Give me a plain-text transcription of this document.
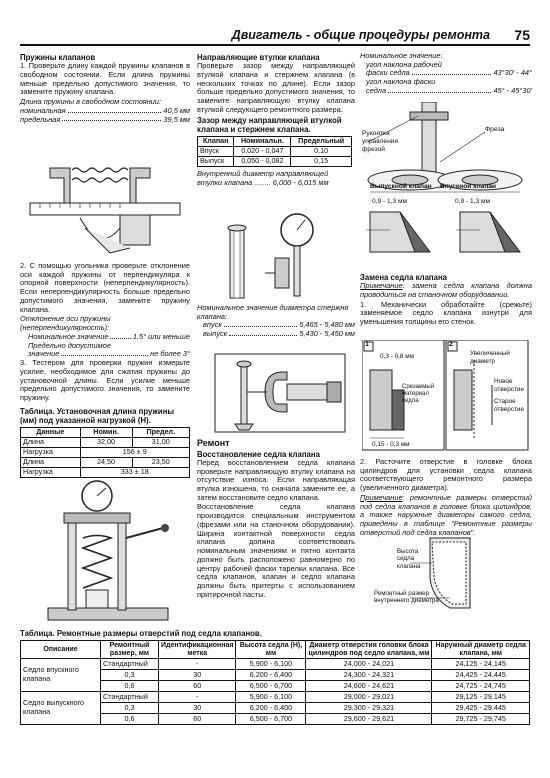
Двигатель - общие процедуры ремонта 75
Пружины клапанов

1. Проверьте длину каждой пружины клапанов в свободном состоянии. Если длина пружины меньше предельно допустимого значения, то замените пружину клапана.

Длина пружины в свободном состоянии:
номинальная	40,5 мм
предельная	39,5 мм

2. С помощью угольника проверьте отклонение оси каждой пружины от перпендикуляра к опорной поверхности (неперпендикулярность). Если неперпендикулярность больше предельно допустимого значения, замените пружину клапана.

Отклонение оси пружины (неперпендикулярность):
Номинальное значение	1,5° или меньше
Предельно допустимое
значение	не более 3°

3. Тестером для проверки пружин измерьте усилие, необходимое для сжатия пружины до установочной длины. Если усилие меньше предельно допустимого значения, то замените пружину.

Таблица. Установочная длина пружины (мм) под указанной нагрузкой (Н).
Данные	Номин.	Предел.
Длина	32,00	31,00
Нагрузка	156 ± 9	
Длина	24,50	23,50
Нагрузка	333 ± 18	
Направляющие втулки клапана

Проверьте зазор между направляющей втулкой клапана и стержнем клапана (в нескольких точках по длине). Если зазор больше предельно допустимого значения, то замените направляющую втулку клапана втулкой следующего ремонтного размера.

Зазор между направляющей втулкой клапана и стержнем клапана.
Клапан	Номинальн.	Предельный
Впуск	0,020 - 0,047	0,10
Выпуск	0,050 - 0,082	0,15
Внутренний диаметр направляющей втулки клапана ........ 6,000 - 6,015 мм
Номинальное значение диаметра стержня клапана:
впуск	5,465 - 5,480 мм
выпуск	5,430 - 5,450 мм
Ремонт
Восстановление седла клапана

Перед восстановлением седла клапана проверьте направляющую втулку клапана на отсутствие износа. Если направляющая втулка изношена, то сначала замените ее, а затем восстановите седло клапана.

Восстановление седла клапана производится специальным инструментом (фрезами или на станочном оборудовании). Ширина контактной поверхности седла клапана должна соответствовать номинальным значениям и пятно контакта должно быть расположено равномерно по центру рабочей фаски тарелки клапана. Все седла клапанов, клапан и седло клапана должны быть притерты с использованием притирочной пасты.

Номинальное значение:
угол наклона рабочей
фаски седла	43°30' - 44°
угол наклона фаски
седла	45° - 45°30'
Рукоятка управления фрезой
Фреза
Выпускной клапан Впускной клапан
0,9 - 1,3 мм	0,9 - 1,3 мм
Замена седла клапана

Примечание: замена седла клапана должна проводиться на станочном оборудовании.

1. Механически обработайте (срежьте) заменяемое седло клапана изнутри для уменьшения толщины его стенок.

1	2
0,3 - 0,8 мм	Увеличенный диаметр
Новое отверстие
Старое отверстие
Срезаемый материал седла
0,15 - 0,3 мм

2. Расточите отверстие в головке блока цилиндров для установки седла клапана соответствующего ремонтного размера (увеличенного диаметра).

Примечание: ремонтные размеры отверстий под седла клапанов в головке блока цилиндров, а также наружные диаметры самого седла, приведены в таблице "Ремонтные размеры отверстий под седла клапанов".

Высота седла клапана
Ремонтный размер внутреннего диаметра
Таблица. Ремонтные размеры отверстий под седла клапанов.
Описание	Ремонтный размер, мм	Идентификационная метка	Высота седла (Н), мм	Диаметр отверстия головки блока цилиндров под седло клапана, мм	Наружный диаметр седла клапана, мм
Седло впускного клапана	Стандартный	-	5,900 - 6,100	24,000 - 24,021	24,125 - 24,145
	0,3	30	6,200 - 6,400	24,300 - 24,321	24,425 - 24,445
	0,6	60	6,500 - 6,700	24,600 - 24,621	24,725 - 24,745
Седло выпускного клапана	Стандартный	-	5,900 - 6,100	29,000 - 29,021	29,125 - 29,145
	0,3	30	6,200 - 6,400	29,300 - 29,321	29,425 - 29,445
	0,6	60	6,500 - 6,700	29,600 - 29,621	29,725 - 29,745
